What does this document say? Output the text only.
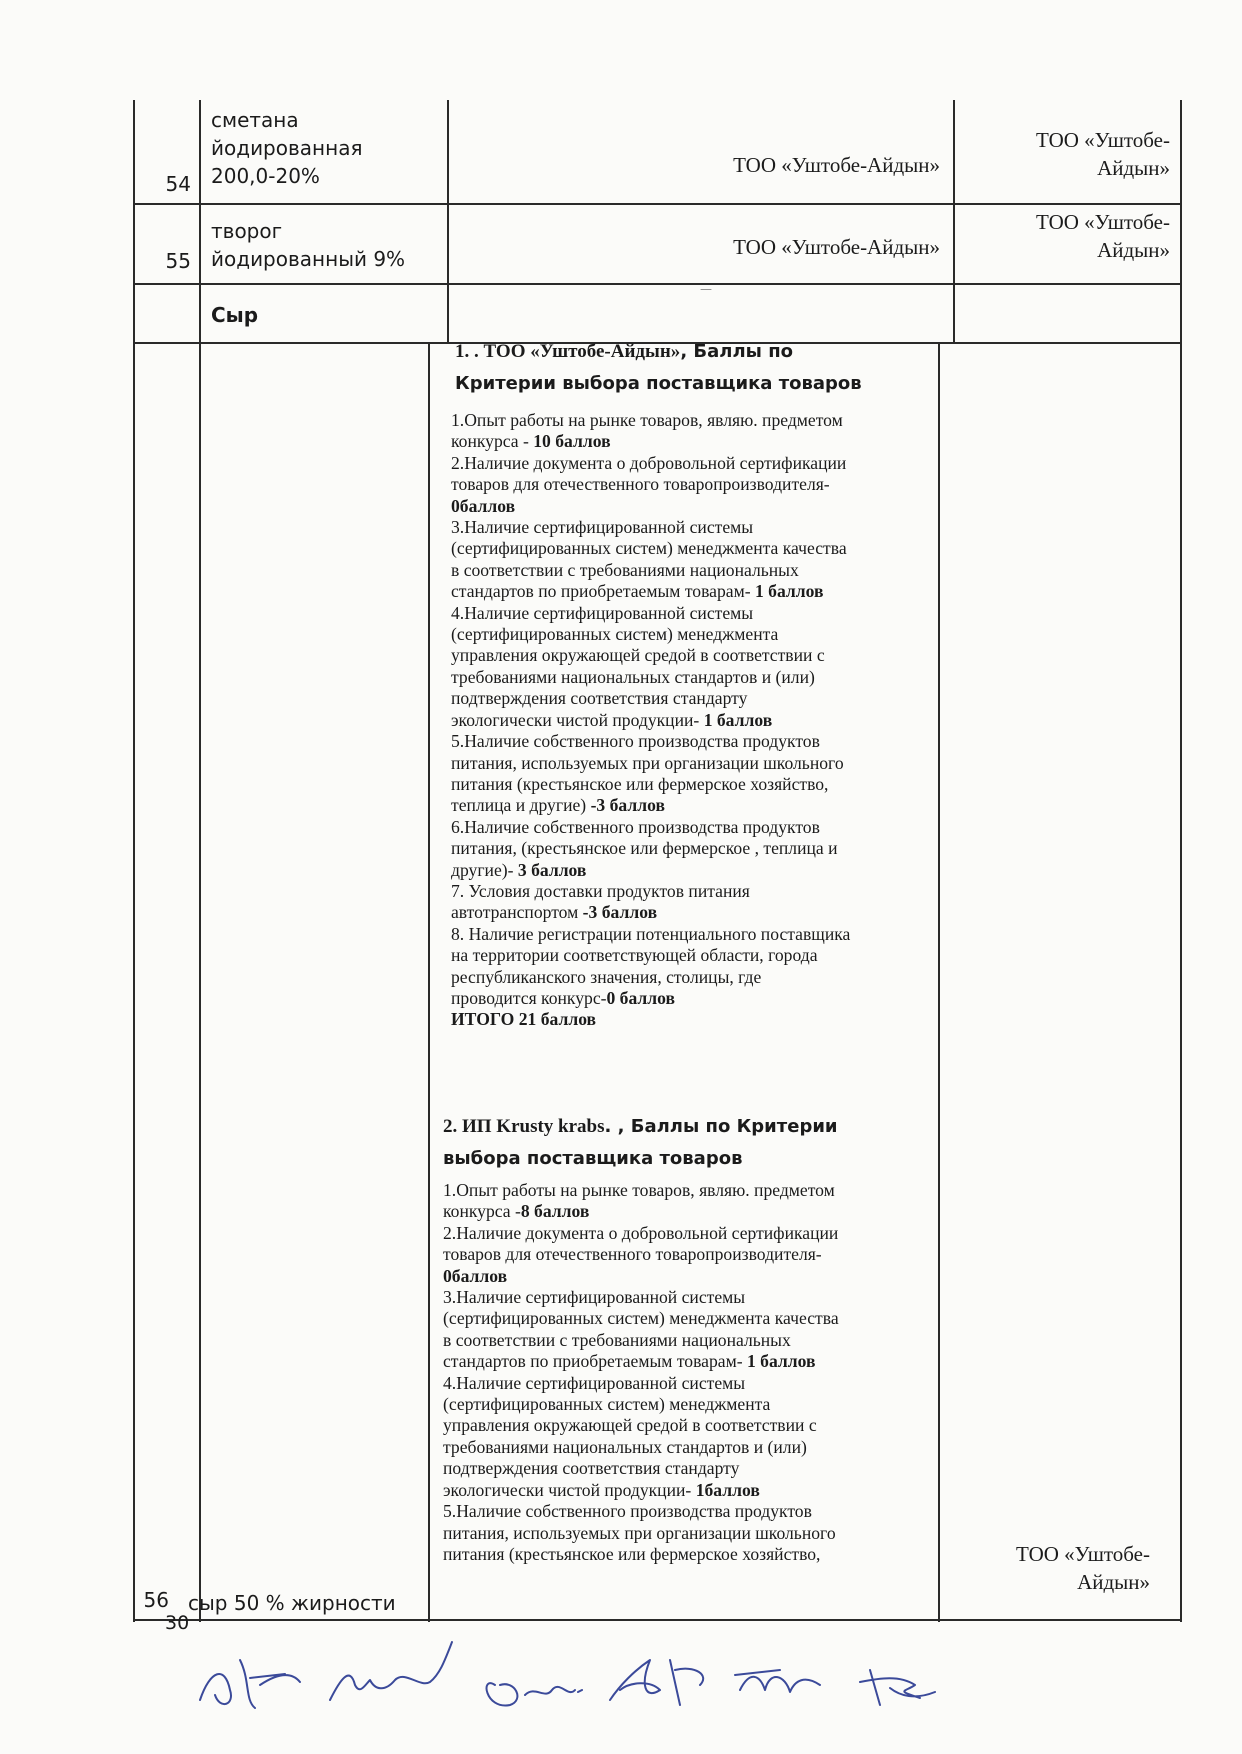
54
сметана
йодированная
200,0-20%	ТОО «Уштобе-Айдын»
ТОО «Уштобе-
Айдын»
55
творог
йодированный 9%	ТОО «Уштобе-Айдын»
ТОО «Уштобе-
Айдын»
Сыр
—
56 сыр 50 % жирности
ТОО «Уштобе-
Айдын»
1. . ТОО «Уштобе-Айдын», Баллы по
Критерии выбора поставщика товаров
1.Опыт работы на рынке товаров, являю. предметом
конкурса - 10 баллов
2.Наличие документа о добровольной сертификации
товаров для отечественного товаропроизводителя-
0баллов
3.Наличие сертифицированной системы
(сертифицированных систем) менеджмента качества
в соответствии с требованиями национальных
стандартов по приобретаемым товарам- 1 баллов
4.Наличие сертифицированной системы
(сертифицированных систем) менеджмента
управления окружающей средой в соответствии с
требованиями национальных стандартов и (или)
подтверждения соответствия стандарту
экологически чистой продукции- 1 баллов
5.Наличие собственного производства продуктов
питания, используемых при организации школьного
питания (крестьянское или фермерское хозяйство,
теплица и другие) -3 баллов
6.Наличие собственного производства продуктов
питания, (крестьянское или фермерское , теплица и
другие)- 3 баллов
7. Условия доставки продуктов питания
автотранспортом -3 баллов
8. Наличие регистрации потенциального поставщика
на территории соответствующей области, города
республиканского значения, столицы, где
проводится конкурс-0 баллов
ИТОГО 21 баллов
2. ИП Krusty krabs. , Баллы по Критерии
выбора поставщика товаров
1.Опыт работы на рынке товаров, являю. предметом
конкурса -8 баллов
2.Наличие документа о добровольной сертификации
товаров для отечественного товаропроизводителя-
0баллов
3.Наличие сертифицированной системы
(сертифицированных систем) менеджмента качества
в соответствии с требованиями национальных
стандартов по приобретаемым товарам- 1 баллов
4.Наличие сертифицированной системы
(сертифицированных систем) менеджмента
управления окружающей средой в соответствии с
требованиями национальных стандартов и (или)
подтверждения соответствия стандарту
экологически чистой продукции- 1баллов
5.Наличие собственного производства продуктов
питания, используемых при организации школьного
питания (крестьянское или фермерское хозяйство,
30
